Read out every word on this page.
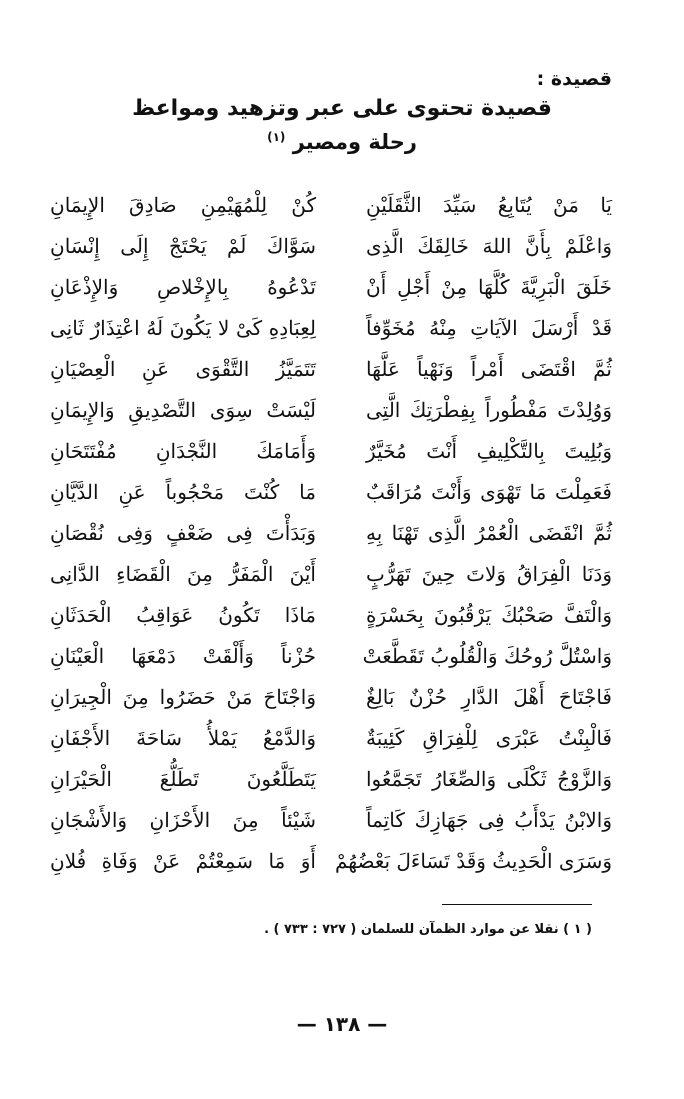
قصيدة :
قصيدة تحتوى على عبر وتزهيد ومواعظ
رحلة ومصير $^{(١)}$
يَا مَنْ يُتَابِعُ سَيِّدَ الثَّقَلَيْنِ
كُنْ لِلْمُهَيْمِنِ صَادِقَ الإِيمَانِ
وَاعْلَمْ بِأَنَّ اللهَ خَالِقَكَ الَّذِى
سَوَّاكَ لَمْ يَحْتَجْ إِلَى إِنْسَانِ
خَلَقَ الْبَرِيَّةَ كُلَّهَا مِنْ أَجْلِ أَنْ
تَدْعُوهُ بِالإِخْلاصِ وَالإِذْعَانِ
قَدْ أَرْسَلَ الآيَاتِ مِنْهُ مُخَوِّفاً
لِعِبَادِهِ كَىْ لا يَكُونَ لَهُ اعْتِذَارٌ ثَانِى
ثُمَّ اقْتَضَى أَمْراً وَنَهْياً عَلَّهَا
تَتَمَيَّزُ التَّقْوَى عَنِ الْعِصْيَانِ
وَوُلِدْتَ مَفْطُوراً بِفِطْرَتِكَ الَّتِى
لَيْسَتْ سِوَى التَّصْدِيقِ وَالإِيمَانِ
وَبُلِيتَ بِالتَّكْلِيفِ أَنْتَ مُخَيَّرٌ
وَأَمَامَكَ النَّجْدَانِ مُفْتَتَحَانِ
فَعَمِلْتَ مَا تَهْوَى وَأَنْتَ مُرَاقَبٌ
مَا كُنْتَ مَحْجُوباً عَنِ الدَّيَّانِ
ثُمَّ انْقَضَى الْعُمْرُ الَّذِى تَهْنَا بِهِ
وَبَدَأْتَ فِى ضَعْفٍ وَفِى نُقْصَانِ
وَدَنَا الْفِرَاقُ وَلاتَ حِينَ تَهَرُّبٍ
أَيْنَ الْمَفَرُّ مِنَ الْقَضَاءِ الدَّانِى
وَالْتَفَّ صَحْبُكَ يَرْقُبُونَ بِحَسْرَةٍ
مَاذَا تَكُونُ عَوَاقِبُ الْحَدَثَانِ
وَاسْتُلَّ رُوحُكَ وَالْقُلُوبُ تَقَطَّعَتْ
حُزْناً وَأَلْقَتْ دَمْعَهَا الْعَيْنَانِ
فَاجْتَاحَ أَهْلَ الدَّارِ حُزْنٌ بَالِغٌ
وَاجْتَاحَ مَنْ حَضَرُوا مِنَ الْجِيرَانِ
فَالْبِنْتُ عَبْرَى لِلْفِرَاقِ كَئِيبَةٌ
وَالدَّمْعُ يَمْلأُ سَاحَةَ الأَجْفَانِ
وَالزَّوْجُ ثَكْلَى وَالصِّغَارُ تَجَمَّعُوا
يَتَطَلَّعُونَ تَطَلُّعَ الْحَيْرَانِ
وَالابْنُ يَدْأَبُ فِى جَهَازِكَ كَاتِماً
شَيْئاً مِنَ الأَحْزَانِ وَالأَشْجَانِ
وَسَرَى الْحَدِيثُ وَقَدْ تَسَاءَلَ بَعْضُهُمْ
أَوَ مَا سَمِعْتُمْ عَنْ وَفَاةِ فُلانِ
( ١ ) نقلا عن موارد الظمآن للسلمان ( ٧٢٧ : ٧٣٣ ) .
— ١٣٨ —
